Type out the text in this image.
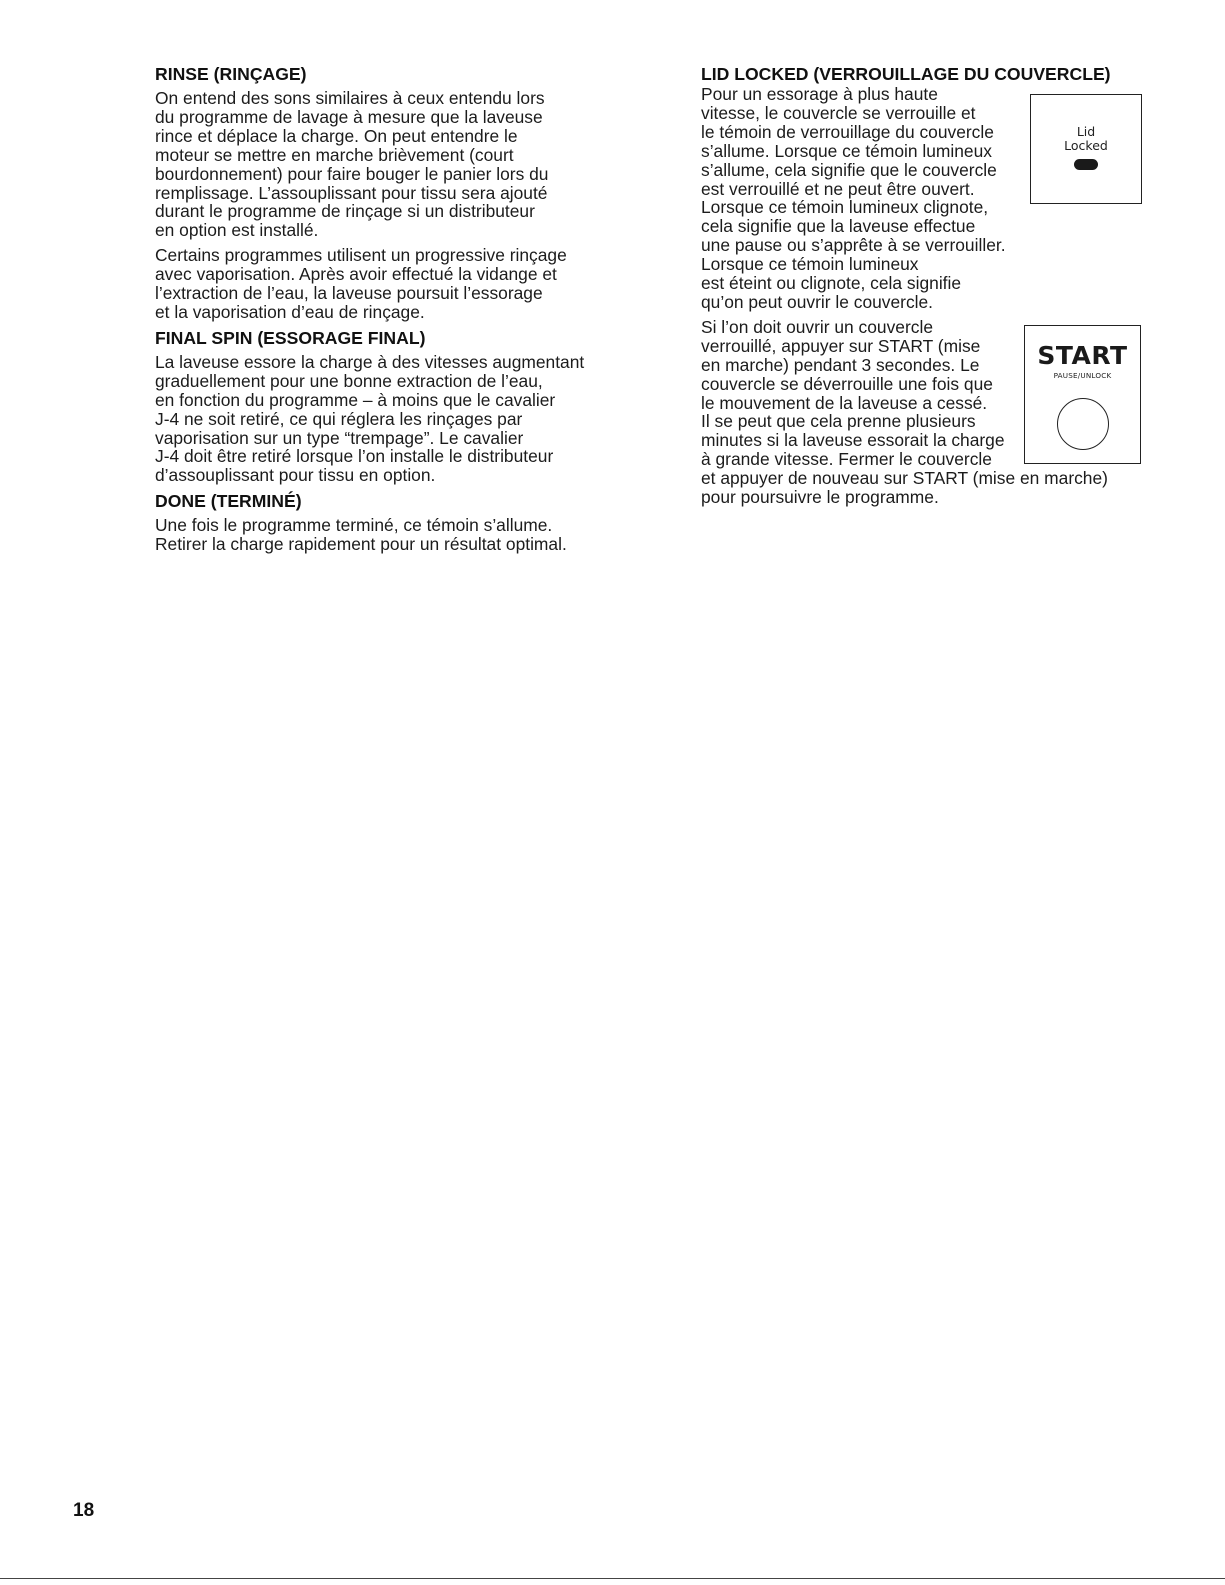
RINSE (RINÇAGE)
On entend des sons similaires à ceux entendu lors
du programme de lavage à mesure que la laveuse
rince et déplace la charge. On peut entendre le
moteur se mettre en marche brièvement (court
bourdonnement) pour faire bouger le panier lors du
remplissage. L’assouplissant pour tissu sera ajouté
durant le programme de rinçage si un distributeur
en option est installé.
Certains programmes utilisent un progressive rinçage
avec vaporisation. Après avoir effectué la vidange et
l’extraction de l’eau, la laveuse poursuit l’essorage
et la vaporisation d’eau de rinçage.
FINAL SPIN (ESSORAGE FINAL)
La laveuse essore la charge à des vitesses augmentant
graduellement pour une bonne extraction de l’eau,
en fonction du programme – à moins que le cavalier
J-4 ne soit retiré, ce qui réglera les rinçages par
vaporisation sur un type “trempage”. Le cavalier
J-4 doit être retiré lorsque l’on installe le distributeur
d’assouplissant pour tissu en option.
DONE (TERMINÉ)
Une fois le programme terminé, ce témoin s’allume.
Retirer la charge rapidement pour un résultat optimal.
LID LOCKED (VERROUILLAGE DU COUVERCLE)
Pour un essorage à plus haute
vitesse, le couvercle se verrouille et
le témoin de verrouillage du couvercle
s’allume. Lorsque ce témoin lumineux
s’allume, cela signifie que le couvercle
est verrouillé et ne peut être ouvert.
Lorsque ce témoin lumineux clignote,
cela signifie que la laveuse effectue
une pause ou s’apprête à se verrouiller.
Lorsque ce témoin lumineux
est éteint ou clignote, cela signifie
qu’on peut ouvrir le couvercle.
Si l’on doit ouvrir un couvercle
verrouillé, appuyer sur START (mise
en marche) pendant 3 secondes. Le
couvercle se déverrouille une fois que
le mouvement de la laveuse a cessé.
Il se peut que cela prenne plusieurs
minutes si la laveuse essorait la charge
à grande vitesse. Fermer le couvercle
et appuyer de nouveau sur START (mise en marche)
pour poursuivre le programme.
Lid
Locked
START
PAUSE/UNLOCK
18
